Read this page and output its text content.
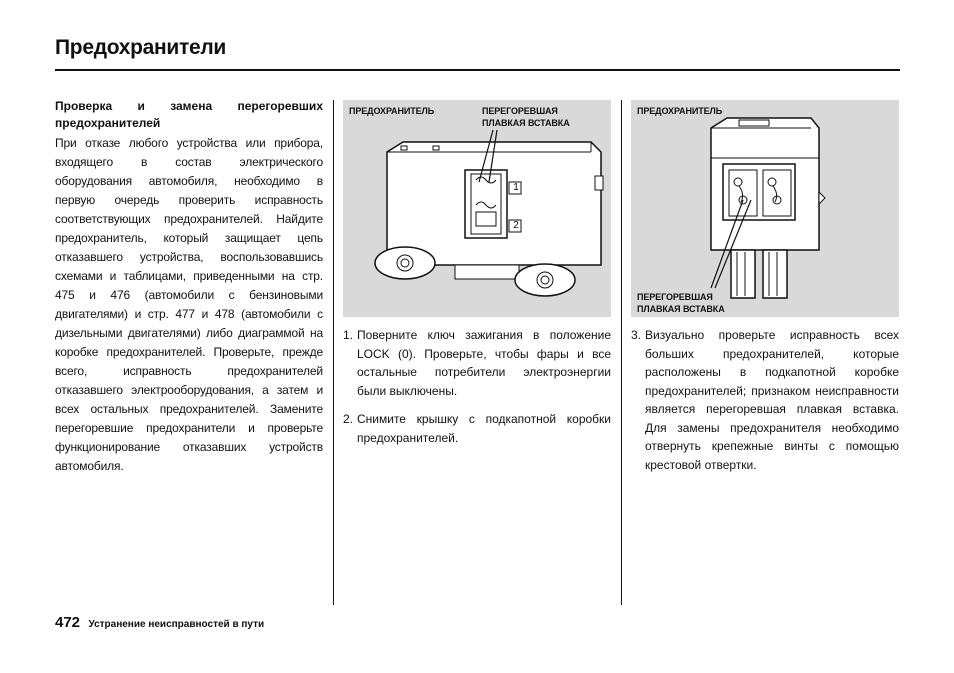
Предохранители
Проверка и замена перегоревших предохранителей
При отказе любого устройства или прибора, входящего в состав электрического оборудования автомобиля, необходимо в первую очередь проверить исправность соответствующих предохранителей. Найдите предохранитель, который защищает цепь отказавшего устройства, воспользовавшись схемами и таблицами, приведенными на стр. 475 и 476 (автомобили с бензиновыми двигателями) и стр. 477 и 478 (автомобили с дизельными двигателями) либо диаграммой на коробке предохранителей. Проверьте, прежде всего, исправность предохранителей отказавшего электрооборудования, а затем и всех остальных предохранителей. Замените перегоревшие предохранители и проверьте функционирование отказавших устройств автомобиля.
ПРЕДОХРАНИТЕЛЬ	ПЕРЕГОРЕВШАЯ
ПЛАВКАЯ ВСТАВКА
1
2
ПРЕДОХРАНИТЕЛЬ
ПЕРЕГОРЕВШАЯ
ПЛАВКАЯ ВСТАВКА
1. Поверните ключ зажигания в положение LOCK (0). Проверьте, чтобы фары и все остальные потребители электроэнергии были выключены.
2. Снимите крышку с подкапотной коробки предохранителей.
3. Визуально проверьте исправность всех больших предохранителей, которые расположены в подкапотной коробке предохранителей; признаком неисправности является перегоревшая плавкая вставка. Для замены предохранителя необходимо отвернуть крепежные винты с помощью крестовой отвертки.
472 Устранение неисправностей в пути
